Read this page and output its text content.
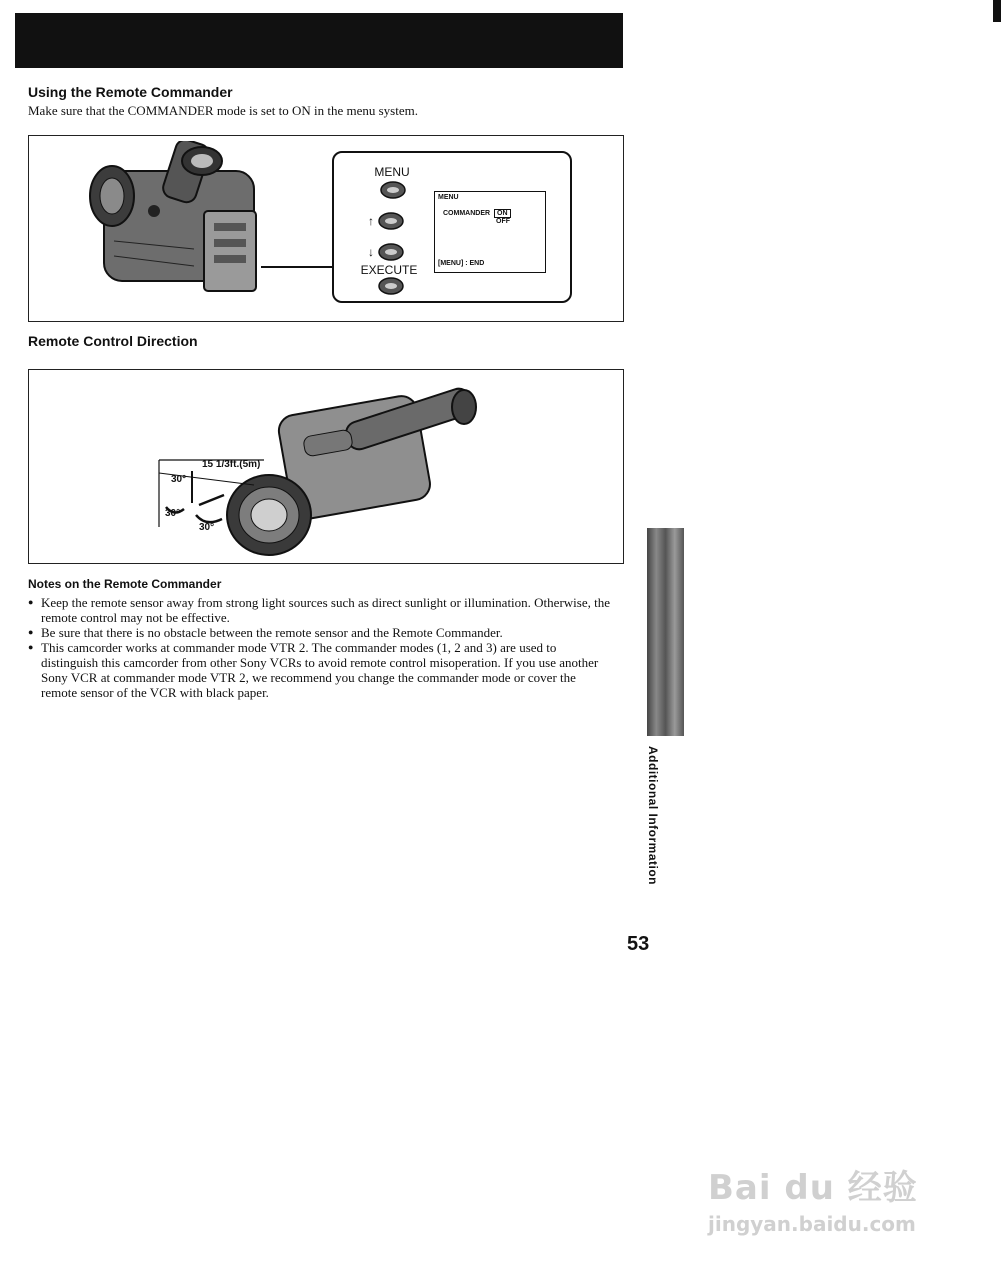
Using the Remote Commander
Make sure that the COMMANDER mode is set to ON in the menu system.
MENU
↑
↓
EXECUTE
MENU
COMMANDER ON
OFF
[MENU] : END
Remote Control Direction
15 1/3ft.(5m)
30°
30°
30°
Notes on the Remote Commander
● Keep the remote sensor away from strong light sources such as direct sunlight or illumination. Otherwise, the remote control may not be effective.
● Be sure that there is no obstacle between the remote sensor and the Remote Commander.
● This camcorder works at commander mode VTR 2. The commander modes (1, 2 and 3) are used to distinguish this camcorder from other Sony VCRs to avoid remote control misoperation. If you use another Sony VCR at commander mode VTR 2, we recommend you change the commander mode or cover the remote sensor of the VCR with black paper.
Additional Information
53
Bai du 经验
jingyan.baidu.com
